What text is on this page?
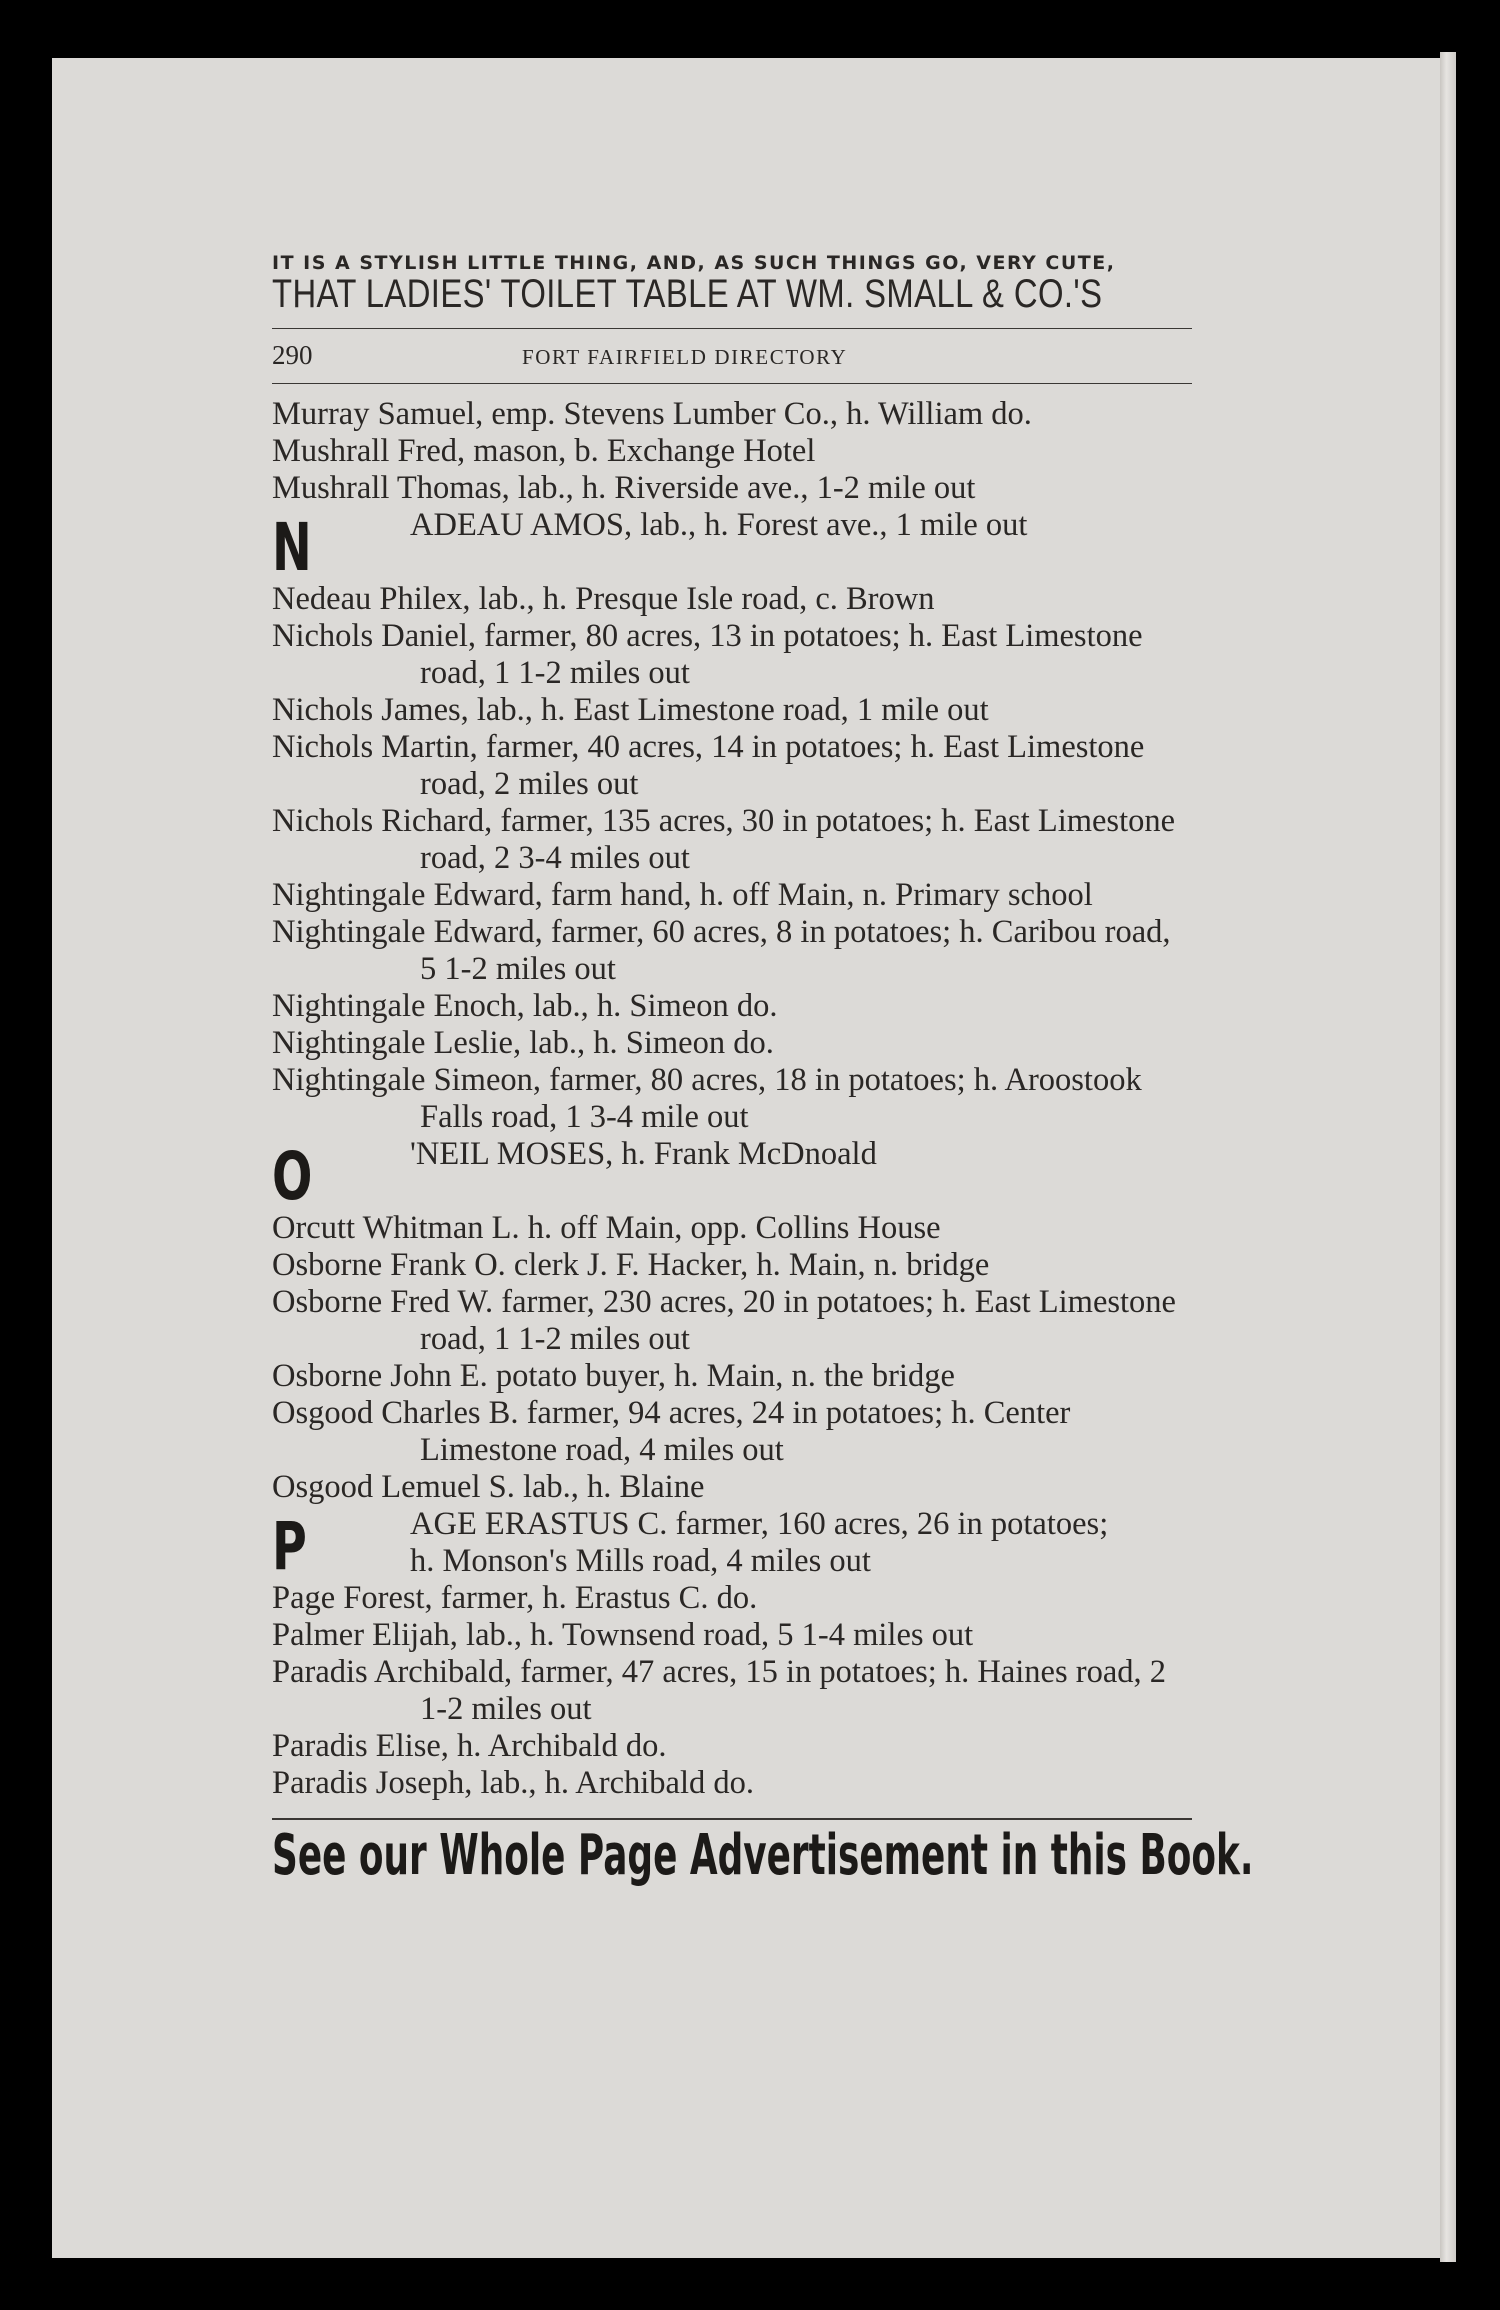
IT IS A STYLISH LITTLE THING, AND, AS SUCH THINGS GO, VERY CUTE,
THAT LADIES' TOILET TABLE AT WM. SMALL & CO.'S
290	FORT FAIRFIELD DIRECTORY
Murray Samuel, emp. Stevens Lumber Co., h. William do.
Mushrall Fred, mason, b. Exchange Hotel
Mushrall Thomas, lab., h. Riverside ave., 1-2 mile out
N	ADEAU AMOS, lab., h. Forest ave., 1 mile out
Nedeau Philex, lab., h. Presque Isle road, c. Brown
Nichols Daniel, farmer, 80 acres, 13 in potatoes; h. East Limestone road, 1 1-2 miles out
Nichols James, lab., h. East Limestone road, 1 mile out
Nichols Martin, farmer, 40 acres, 14 in potatoes; h. East Limestone road, 2 miles out
Nichols Richard, farmer, 135 acres, 30 in potatoes; h. East Limestone road, 2 3-4 miles out
Nightingale Edward, farm hand, h. off Main, n. Primary school
Nightingale Edward, farmer, 60 acres, 8 in potatoes; h. Caribou road, 5 1-2 miles out
Nightingale Enoch, lab., h. Simeon do.
Nightingale Leslie, lab., h. Simeon do.
Nightingale Simeon, farmer, 80 acres, 18 in potatoes; h. Aroostook Falls road, 1 3-4 mile out
O	'NEIL MOSES, h. Frank McDnoald
Orcutt Whitman L. h. off Main, opp. Collins House
Osborne Frank O. clerk J. F. Hacker, h. Main, n. bridge
Osborne Fred W. farmer, 230 acres, 20 in potatoes; h. East Limestone road, 1 1-2 miles out
Osborne John E. potato buyer, h. Main, n. the bridge
Osgood Charles B. farmer, 94 acres, 24 in potatoes; h. Center Limestone road, 4 miles out
Osgood Lemuel S. lab., h. Blaine
P	AGE ERASTUS C. farmer, 160 acres, 26 in potatoes;
h. Monson's Mills road, 4 miles out
Page Forest, farmer, h. Erastus C. do.
Palmer Elijah, lab., h. Townsend road, 5 1-4 miles out
Paradis Archibald, farmer, 47 acres, 15 in potatoes; h. Haines road, 2 1-2 miles out
Paradis Elise, h. Archibald do.
Paradis Joseph, lab., h. Archibald do.
See our Whole Page Advertisement in this Book.
